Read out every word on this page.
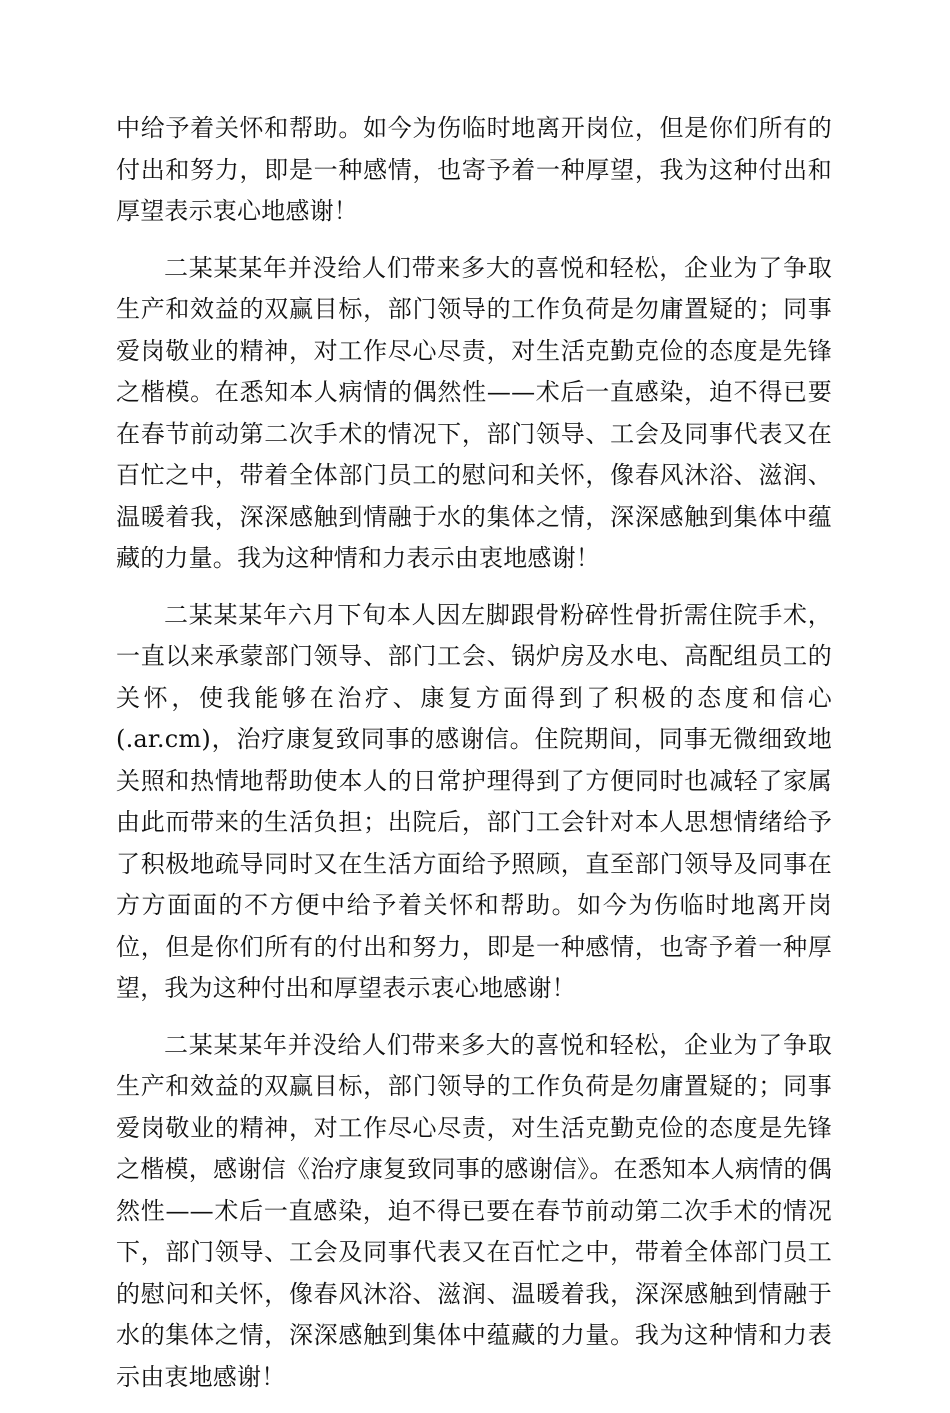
中给予着关怀和帮助。如今为伤临时地离开岗位，但是你们所有的付出和努力，即是一种感情，也寄予着一种厚望，我为这种付出和厚望表示衷心地感谢！

二某某某年并没给人们带来多大的喜悦和轻松，企业为了争取生产和效益的双赢目标，部门领导的工作负荷是勿庸置疑的；同事爱岗敬业的精神，对工作尽心尽责，对生活克勤克俭的态度是先锋之楷模。在悉知本人病情的偶然性——术后一直感染，迫不得已要在春节前动第二次手术的情况下，部门领导、工会及同事代表又在百忙之中，带着全体部门员工的慰问和关怀，像春风沐浴、滋润、温暖着我，深深感触到情融于水的集体之情，深深感触到集体中蕴藏的力量。我为这种情和力表示由衷地感谢！

二某某某年六月下旬本人因左脚跟骨粉碎性骨折需住院手术，一直以来承蒙部门领导、部门工会、锅炉房及水电、高配组员工的关怀，使我能够在治疗、康复方面得到了积极的态度和信心(.ar.cm)，治疗康复致同事的感谢信。住院期间，同事无微细致地关照和热情地帮助使本人的日常护理得到了方便同时也减轻了家属由此而带来的生活负担；出院后，部门工会针对本人思想情绪给予了积极地疏导同时又在生活方面给予照顾，直至部门领导及同事在方方面面的不方便中给予着关怀和帮助。如今为伤临时地离开岗位，但是你们所有的付出和努力，即是一种感情，也寄予着一种厚望，我为这种付出和厚望表示衷心地感谢！

二某某某年并没给人们带来多大的喜悦和轻松，企业为了争取生产和效益的双赢目标，部门领导的工作负荷是勿庸置疑的；同事爱岗敬业的精神，对工作尽心尽责，对生活克勤克俭的态度是先锋之楷模，感谢信《治疗康复致同事的感谢信》。在悉知本人病情的偶然性——术后一直感染，迫不得已要在春节前动第二次手术的情况下，部门领导、工会及同事代表又在百忙之中，带着全体部门员工的慰问和关怀，像春风沐浴、滋润、温暖着我，深深感触到情融于水的集体之情，深深感触到集体中蕴藏的力量。我为这种情和力表示由衷地感谢！
